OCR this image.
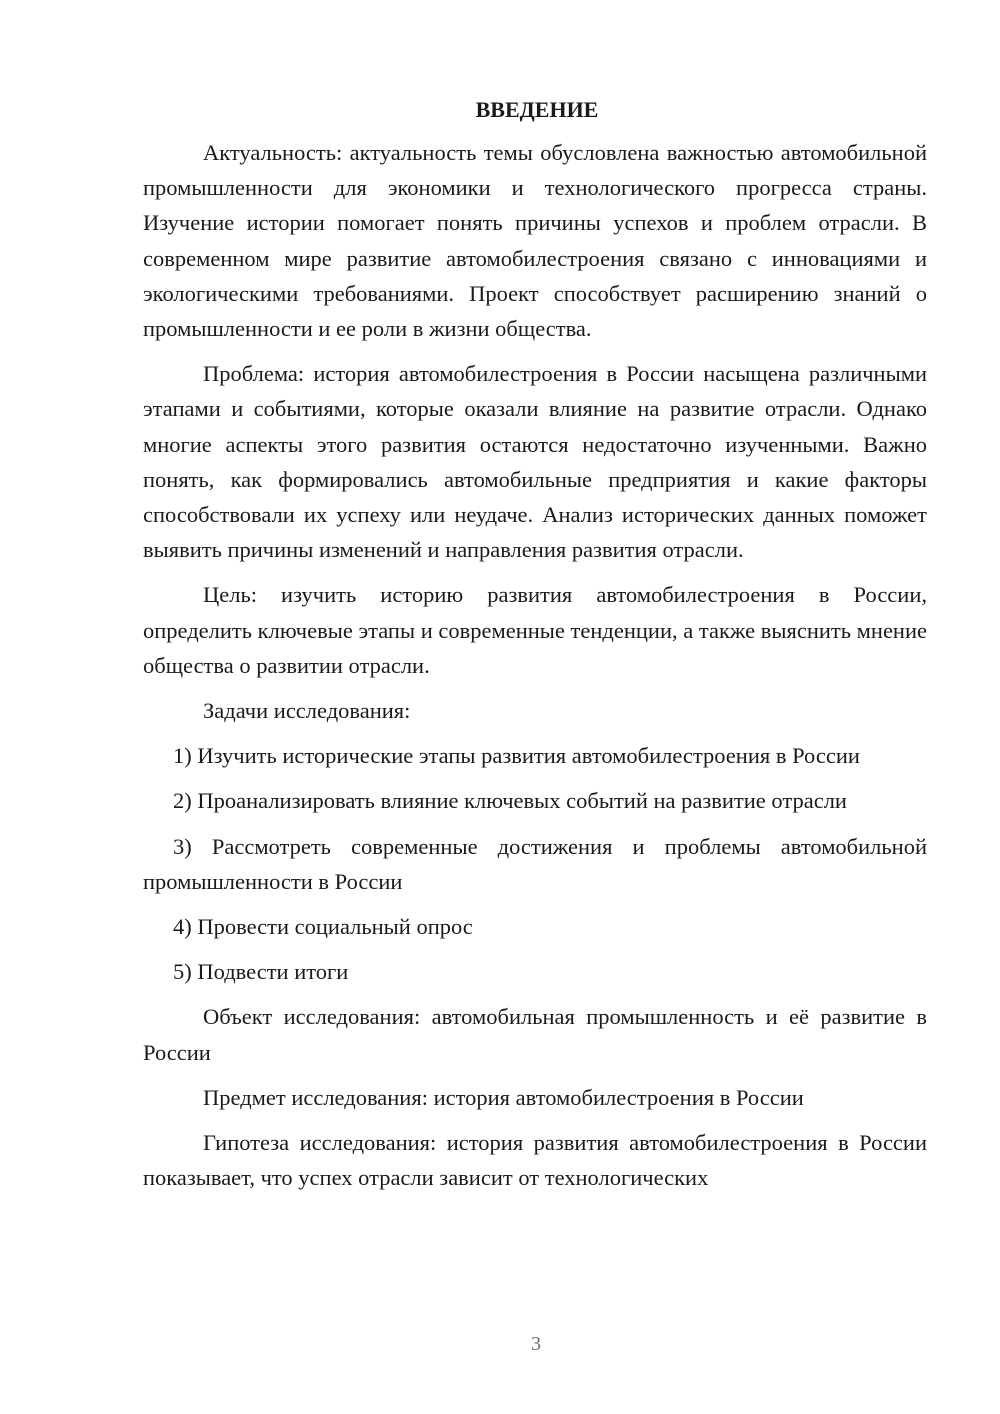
ВВЕДЕНИЕ

Актуальность: актуальность темы обусловлена важностью автомобильной промышленности для экономики и технологического прогресса страны. Изучение истории помогает понять причины успехов и проблем отрасли. В современном мире развитие автомобилестроения связано с инновациями и экологическими требованиями. Проект способствует расширению знаний о промышленности и ее роли в жизни общества.

Проблема: история автомобилестроения в России насыщена различными этапами и событиями, которые оказали влияние на развитие отрасли. Однако многие аспекты этого развития остаются недостаточно изученными. Важно понять, как формировались автомобильные предприятия и какие факторы способствовали их успеху или неудаче. Анализ исторических данных поможет выявить причины изменений и направления развития отрасли.

Цель: изучить историю развития автомобилестроения в России, определить ключевые этапы и современные тенденции, а также выяснить мнение общества о развитии отрасли.

Задачи исследования:

1) Изучить исторические этапы развития автомобилестроения в России

2) Проанализировать влияние ключевых событий на развитие отрасли

3) Рассмотреть современные достижения и проблемы автомобильной промышленности в России

4) Провести социальный опрос

5) Подвести итоги

Объект исследования: автомобильная промышленность и её развитие в России

Предмет исследования: история автомобилестроения в России

Гипотеза исследования: история развития автомобилестроения в России показывает, что успех отрасли зависит от технологических

3
